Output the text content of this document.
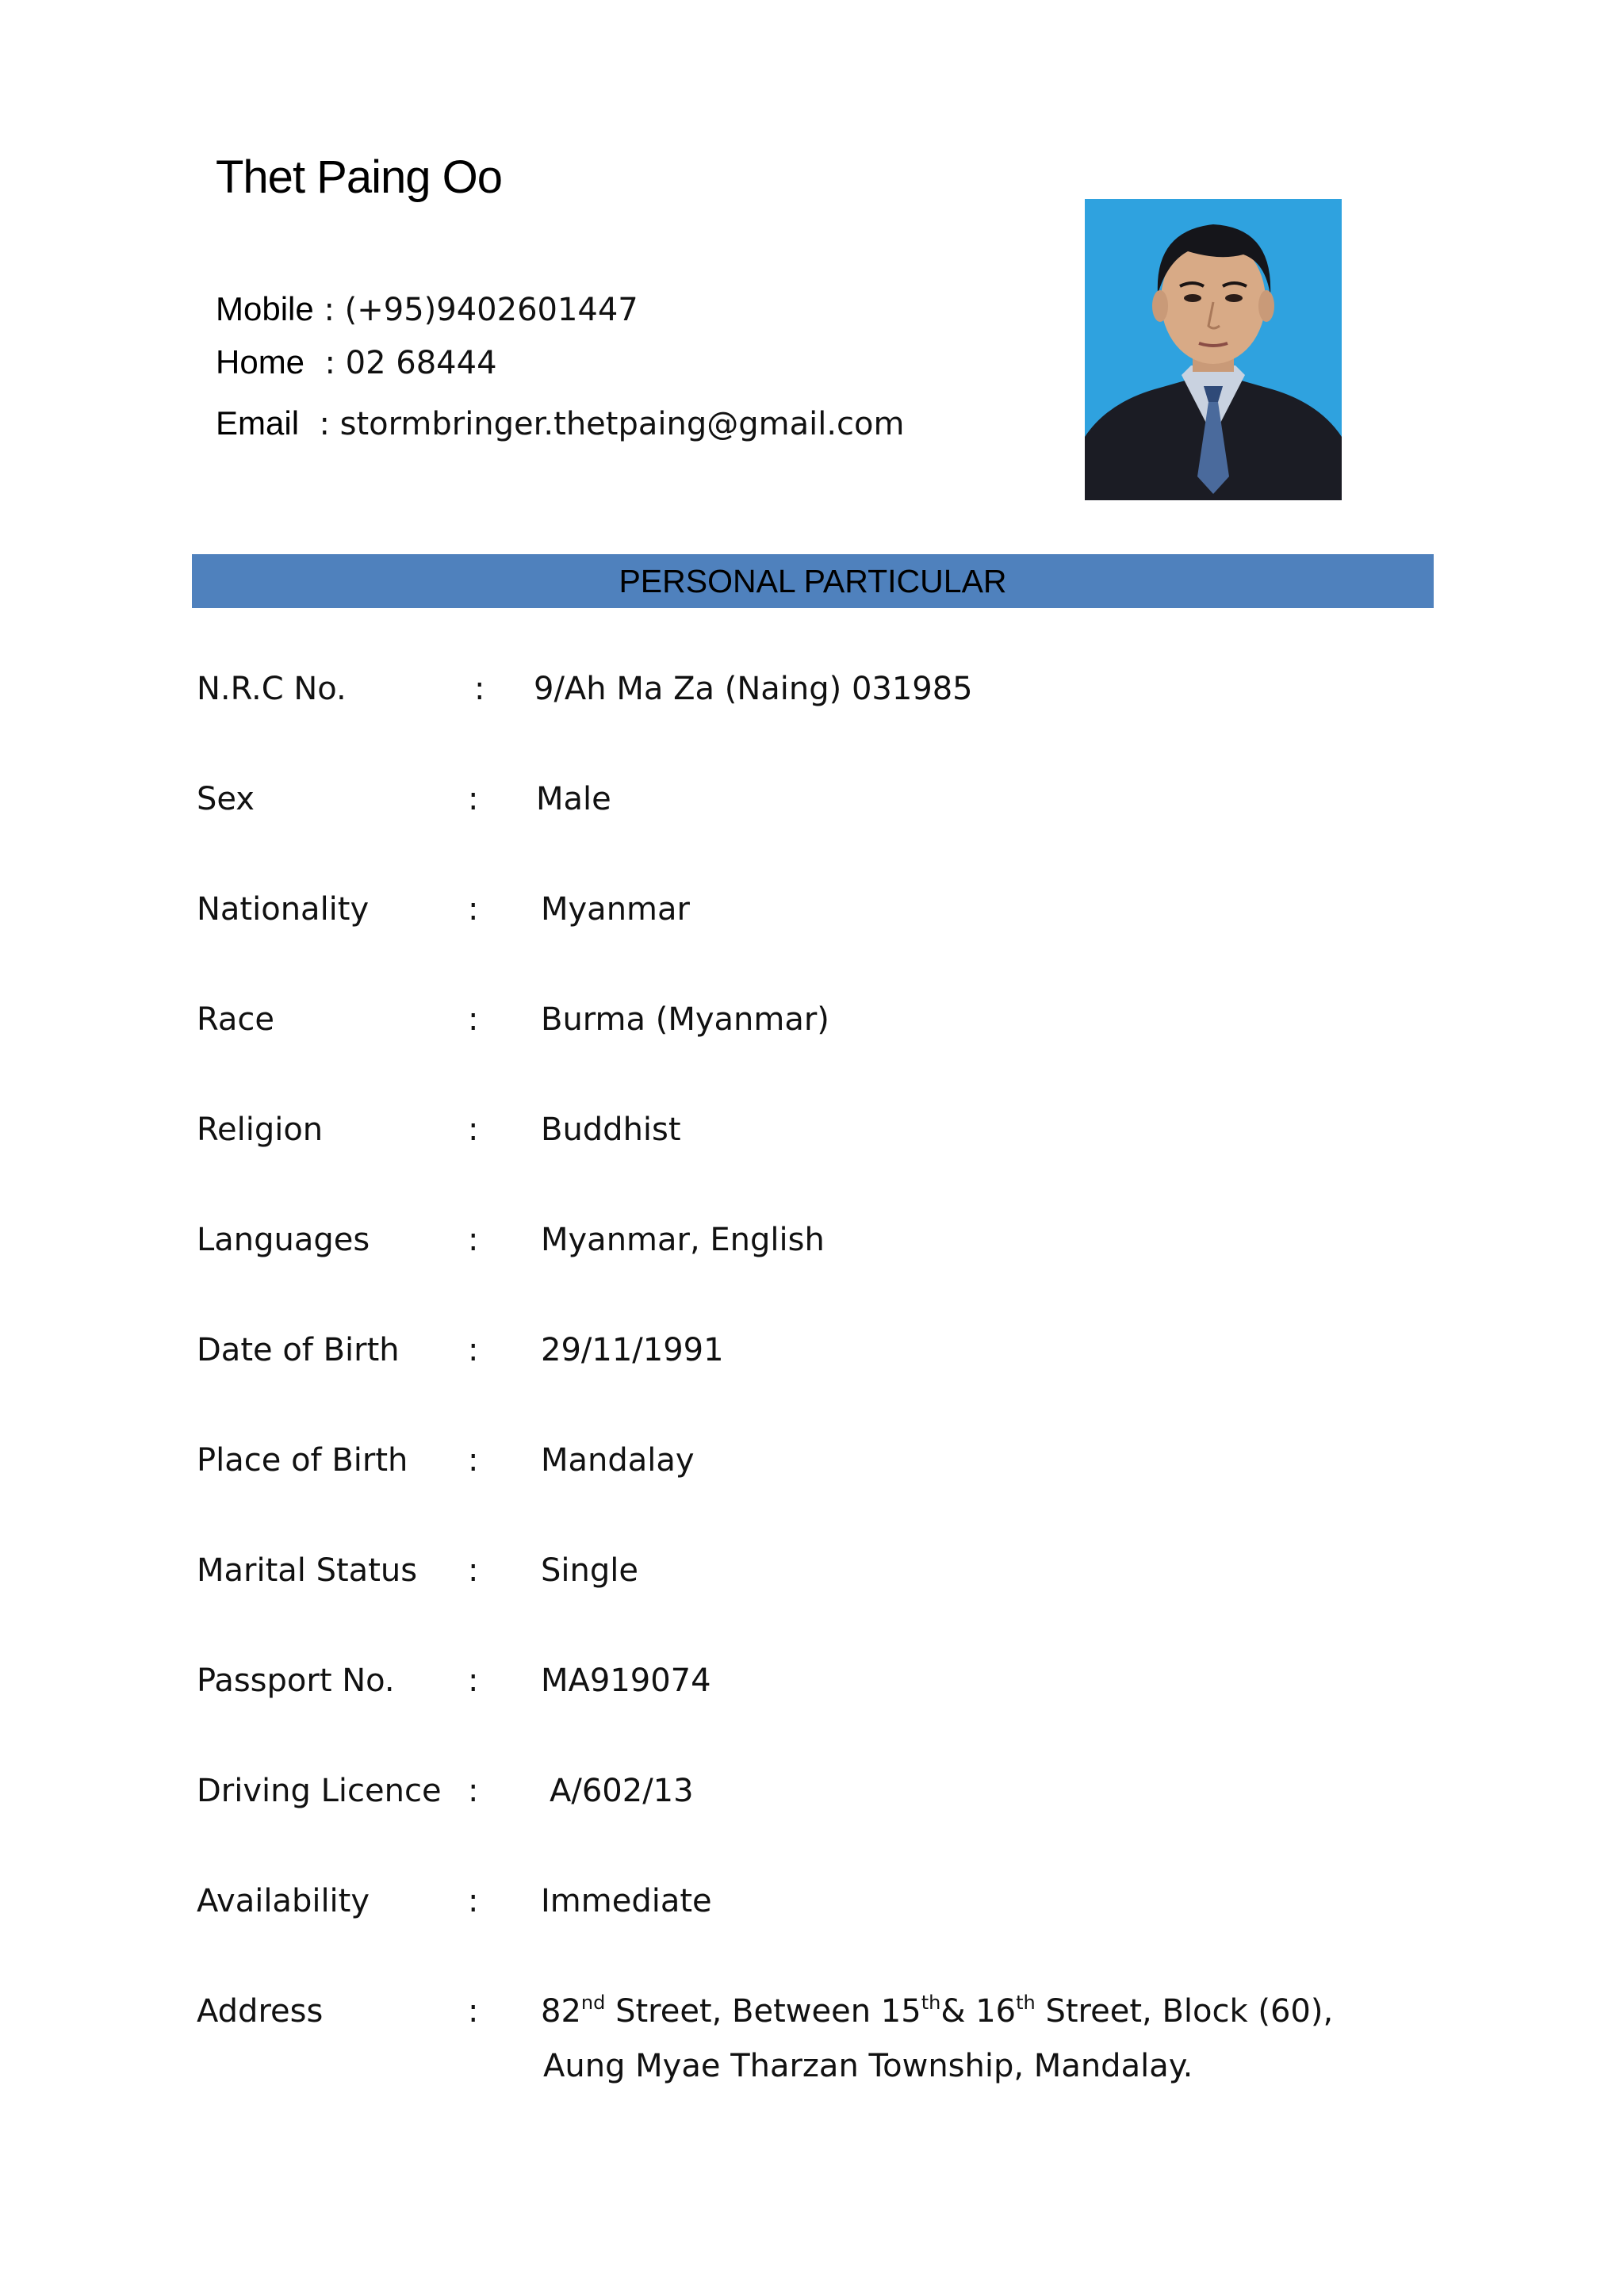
Thet Paing Oo
Mobile : (+95)9402601447
Home  : 02 68444
Email  : stormbringer.thetpaing@gmail.com
PERSONAL PARTICULAR
N.R.C No.	: 9/Ah Ma Za (Naing) 031985
Sex	: Male
Nationality	: Myanmar
Race	: Burma (Myanmar)
Religion	: Buddhist
Languages	: Myanmar, English
Date of Birth : 29/11/1991
Place of Birth : Mandalay
Marital Status : Single
Passport No. : MA919074
Driving Licence : A/602/13
Availability	: Immediate
Address	: 82nd Street, Between 15th& 16th Street, Block (60),
Aung Myae Tharzan Township, Mandalay.
